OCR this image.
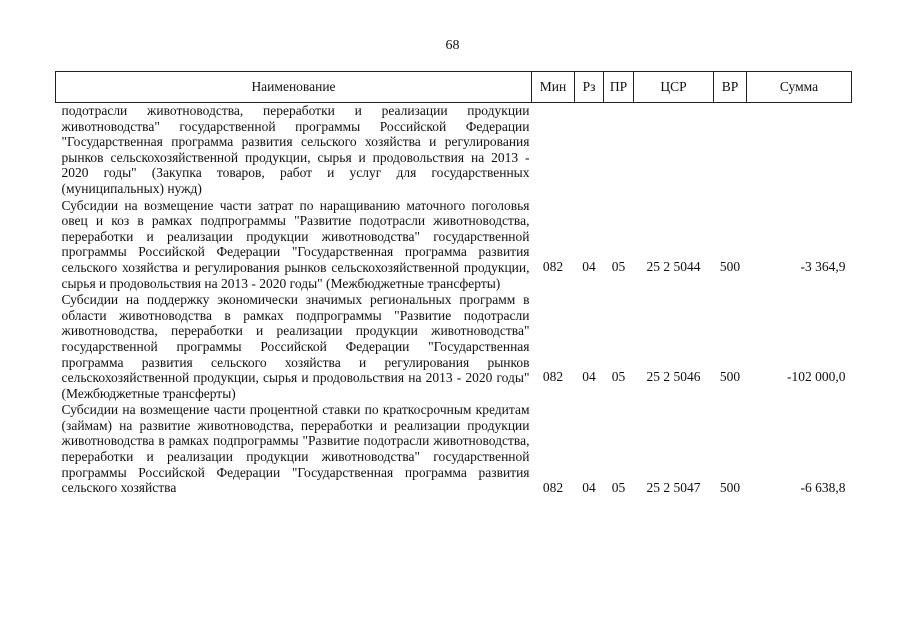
68
Наименование	Мин	Рз	ПР	ЦСР	ВР	Сумма
подотрасли животноводства, переработки и реализации продукции животноводства" государственной программы Российской Федерации "Государственная программа развития сельского хозяйства и регулирования рынков сельскохозяйственной продукции, сырья и продовольствия на 2013 - 2020 годы" (Закупка товаров, работ и услуг для государственных (муниципальных) нужд)						
Субсидии на возмещение части затрат по наращиванию маточного поголовья овец и коз в рамках подпрограммы "Развитие подотрасли животноводства, переработки и реализации продукции животноводства" государственной программы Российской Федерации "Государственная программа развития сельского хозяйства и регулирования рынков сельскохозяйственной продукции, сырья и продовольствия на 2013 - 2020 годы" (Межбюджетные трансферты)	082	04	05	25 2 5044	500	-3 364,9
Субсидии на поддержку экономически значимых региональных программ в области животноводства в рамках подпрограммы "Развитие подотрасли животноводства, переработки и реализации продукции животноводства" государственной программы Российской Федерации "Государственная программа развития сельского хозяйства и регулирования рынков сельскохозяйственной продукции, сырья и продовольствия на 2013 - 2020 годы" (Межбюджетные трансферты)	082	04	05	25 2 5046	500	-102 000,0
Субсидии на возмещение части процентной ставки по краткосрочным кредитам (займам) на развитие животноводства, переработки и реализации продукции животноводства в рамках подпрограммы "Развитие подотрасли животноводства, переработки и реализации продукции животноводства" государственной программы Российской Федерации "Государственная программа развития сельского хозяйства	082	04	05	25 2 5047	500	-6 638,8
